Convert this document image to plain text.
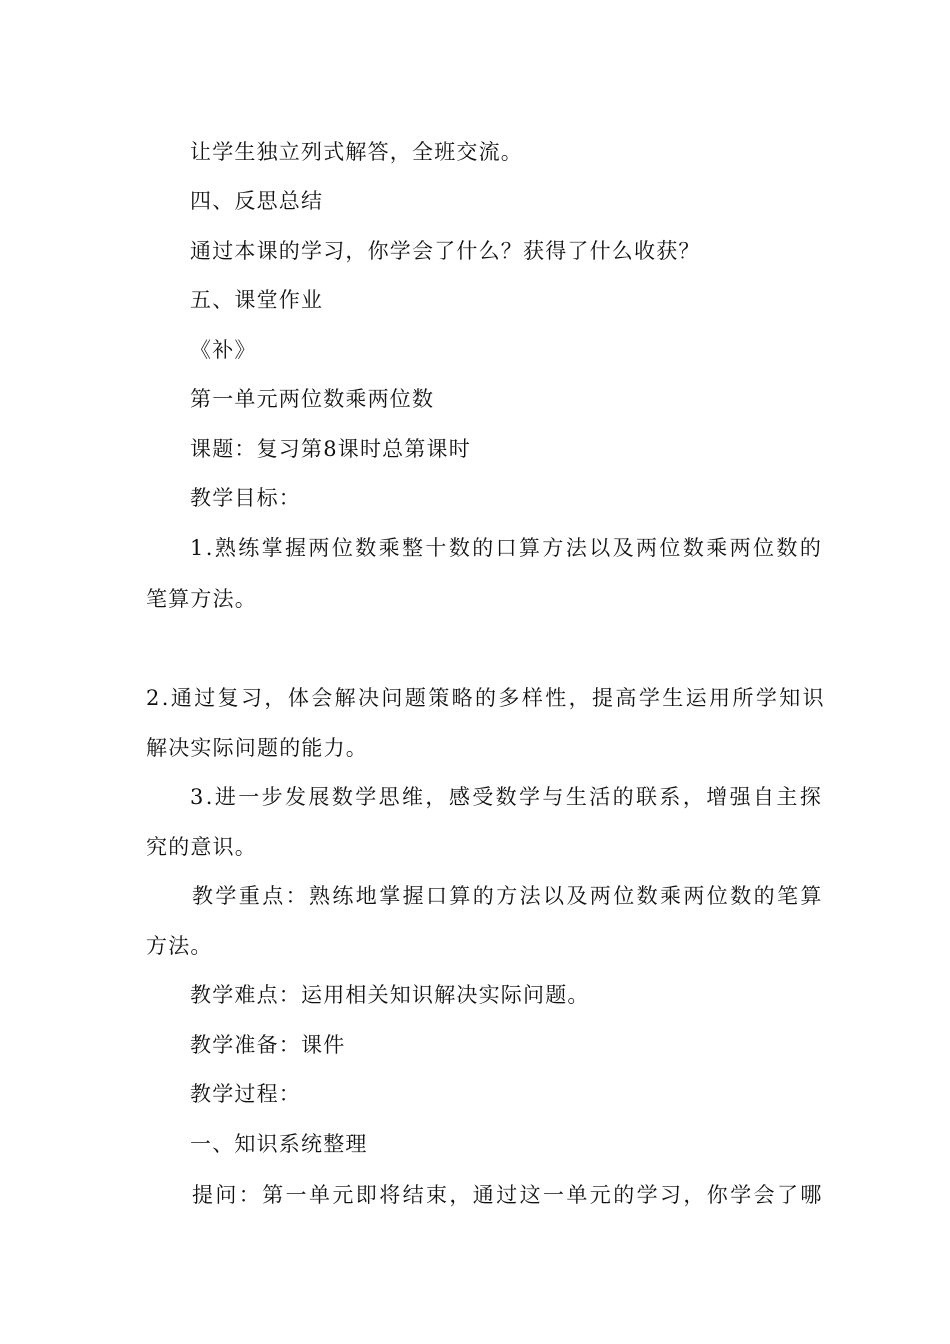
让学生独立列式解答，全班交流。
四、反思总结
通过本课的学习，你学会了什么？获得了什么收获？
五、课堂作业
《补》
第一单元两位数乘两位数
课题：复习第8课时总第课时
教学目标：
1.熟练掌握两位数乘整十数的口算方法以及两位数乘两位数的
笔算方法。
2.通过复习，体会解决问题策略的多样性，提高学生运用所学知识
解决实际问题的能力。
3.进一步发展数学思维，感受数学与生活的联系，增强自主探
究的意识。
教学重点：熟练地掌握口算的方法以及两位数乘两位数的笔算
方法。
教学难点：运用相关知识解决实际问题。
教学准备：课件
教学过程：
一、知识系统整理
提问：第一单元即将结束，通过这一单元的学习，你学会了哪
